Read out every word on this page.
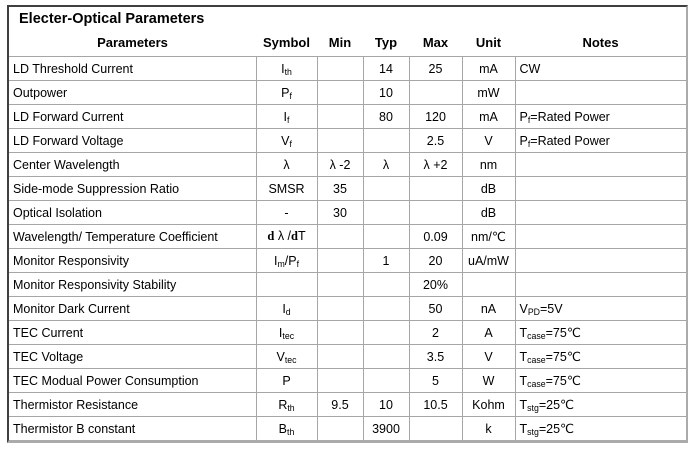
Electer-Optical Parameters
Parameters	Symbol	Min	Typ	Max	Unit	Notes
LD Threshold Current	$I_{th}$		14	25	mA	CW
Outpower	$P_f$		10		mW	
LD Forward Current	$I_f$		80	120	mA	$P_f=Rated$ Power
LD Forward Voltage	$V_f$			2.5	V	$P_f=Rated$ Power
Center Wavelength	λ	λ -2	λ	λ +2	nm	
Side-mode Suppression Ratio	SMSR	35			dB	
Optical Isolation	-	30			dB	
Wavelength/ Temperature Coefficient	d λ /dT			0.09	nm/℃	
Monitor Responsivity	$I_m/P_f$		1	20	uA/mW	
Monitor Responsivity Stability				20%		
Monitor Dark Current	$I_d$			50	nA	$V_{PD}=5V$
TEC Current	$I_{tec}$			2	A	$T_{case}=75℃$
TEC Voltage	$V_{tec}$			3.5	V	$T_{case}=75℃$
TEC Modual Power Consumption	P			5	W	$T_{case}=75℃$
Thermistor Resistance	$R_{th}$	9.5	10	10.5	Kohm	$T_{stg}=25℃$
Thermistor B constant	$B_{th}$		3900		k	$T_{stg}=25℃$
